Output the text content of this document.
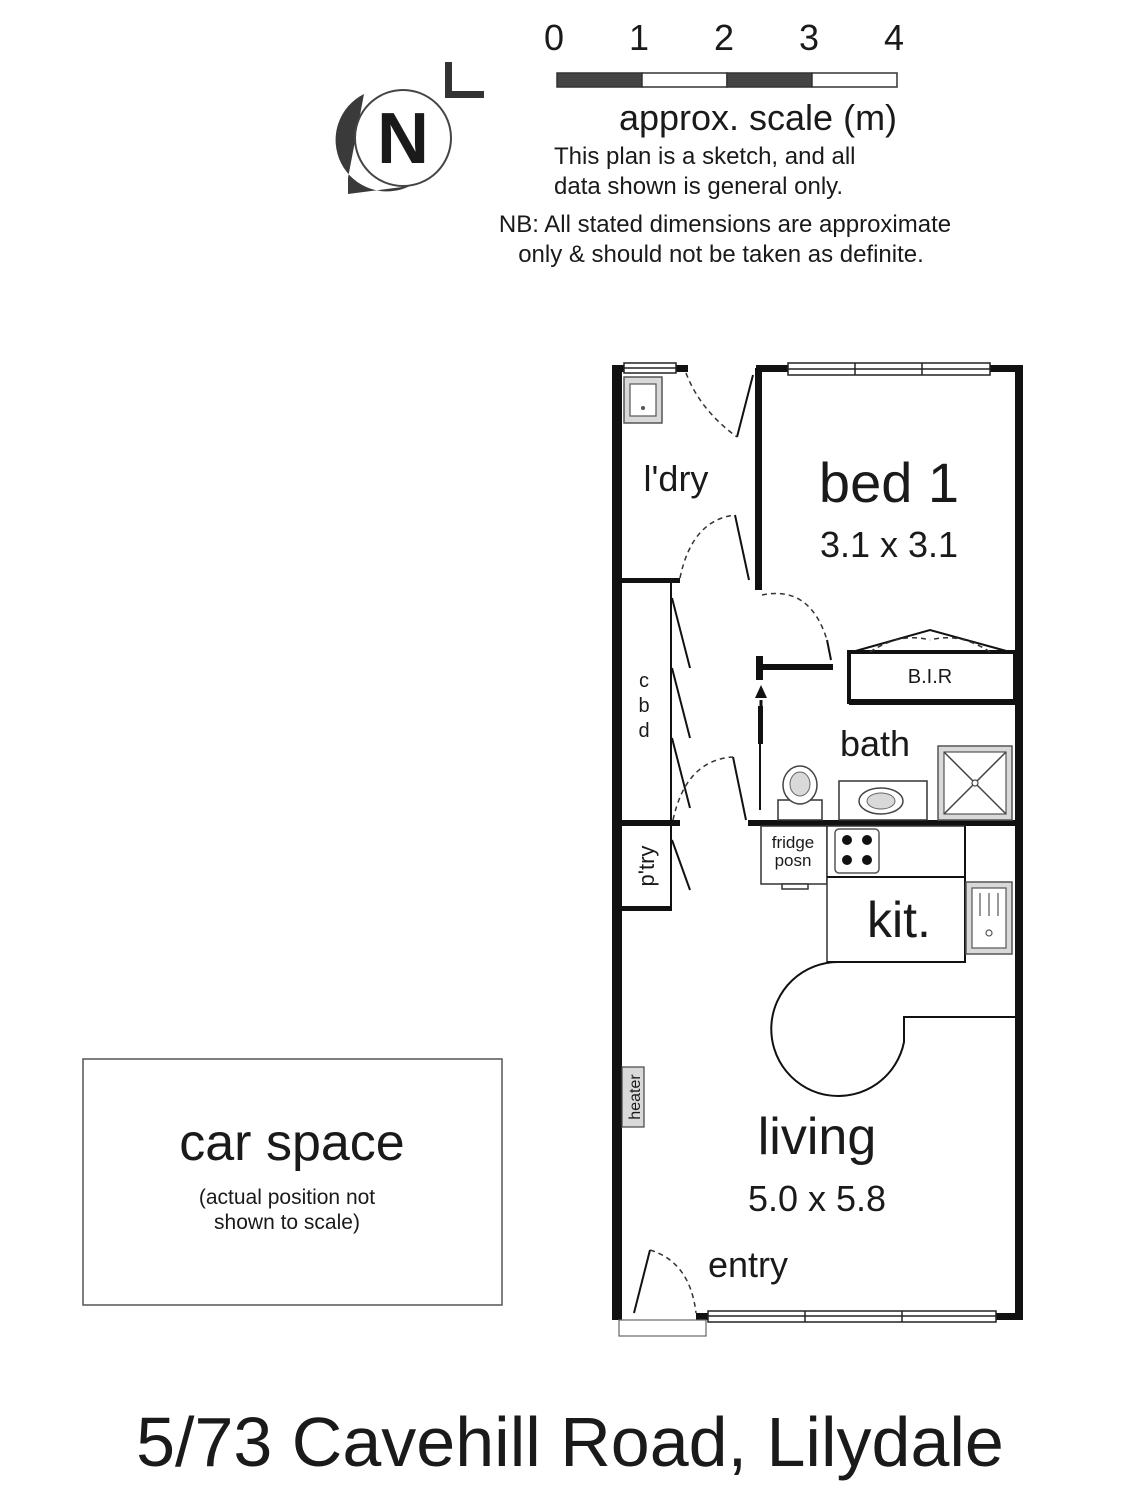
N
0 1 2 3 4
approx. scale (m)
This plan is a sketch, and all
data shown is general only.
NB: All stated dimensions are approximate
only & should not be taken as definite.
car space
(actual position not
shown to scale)
heater
l'dry bed 1
3.1 x 3.1
B.I.R
c
b
d	bath
p'try
fridge
posn
kit.
living
5.0 x 5.8
entry
5/73 Cavehill Road, Lilydale
